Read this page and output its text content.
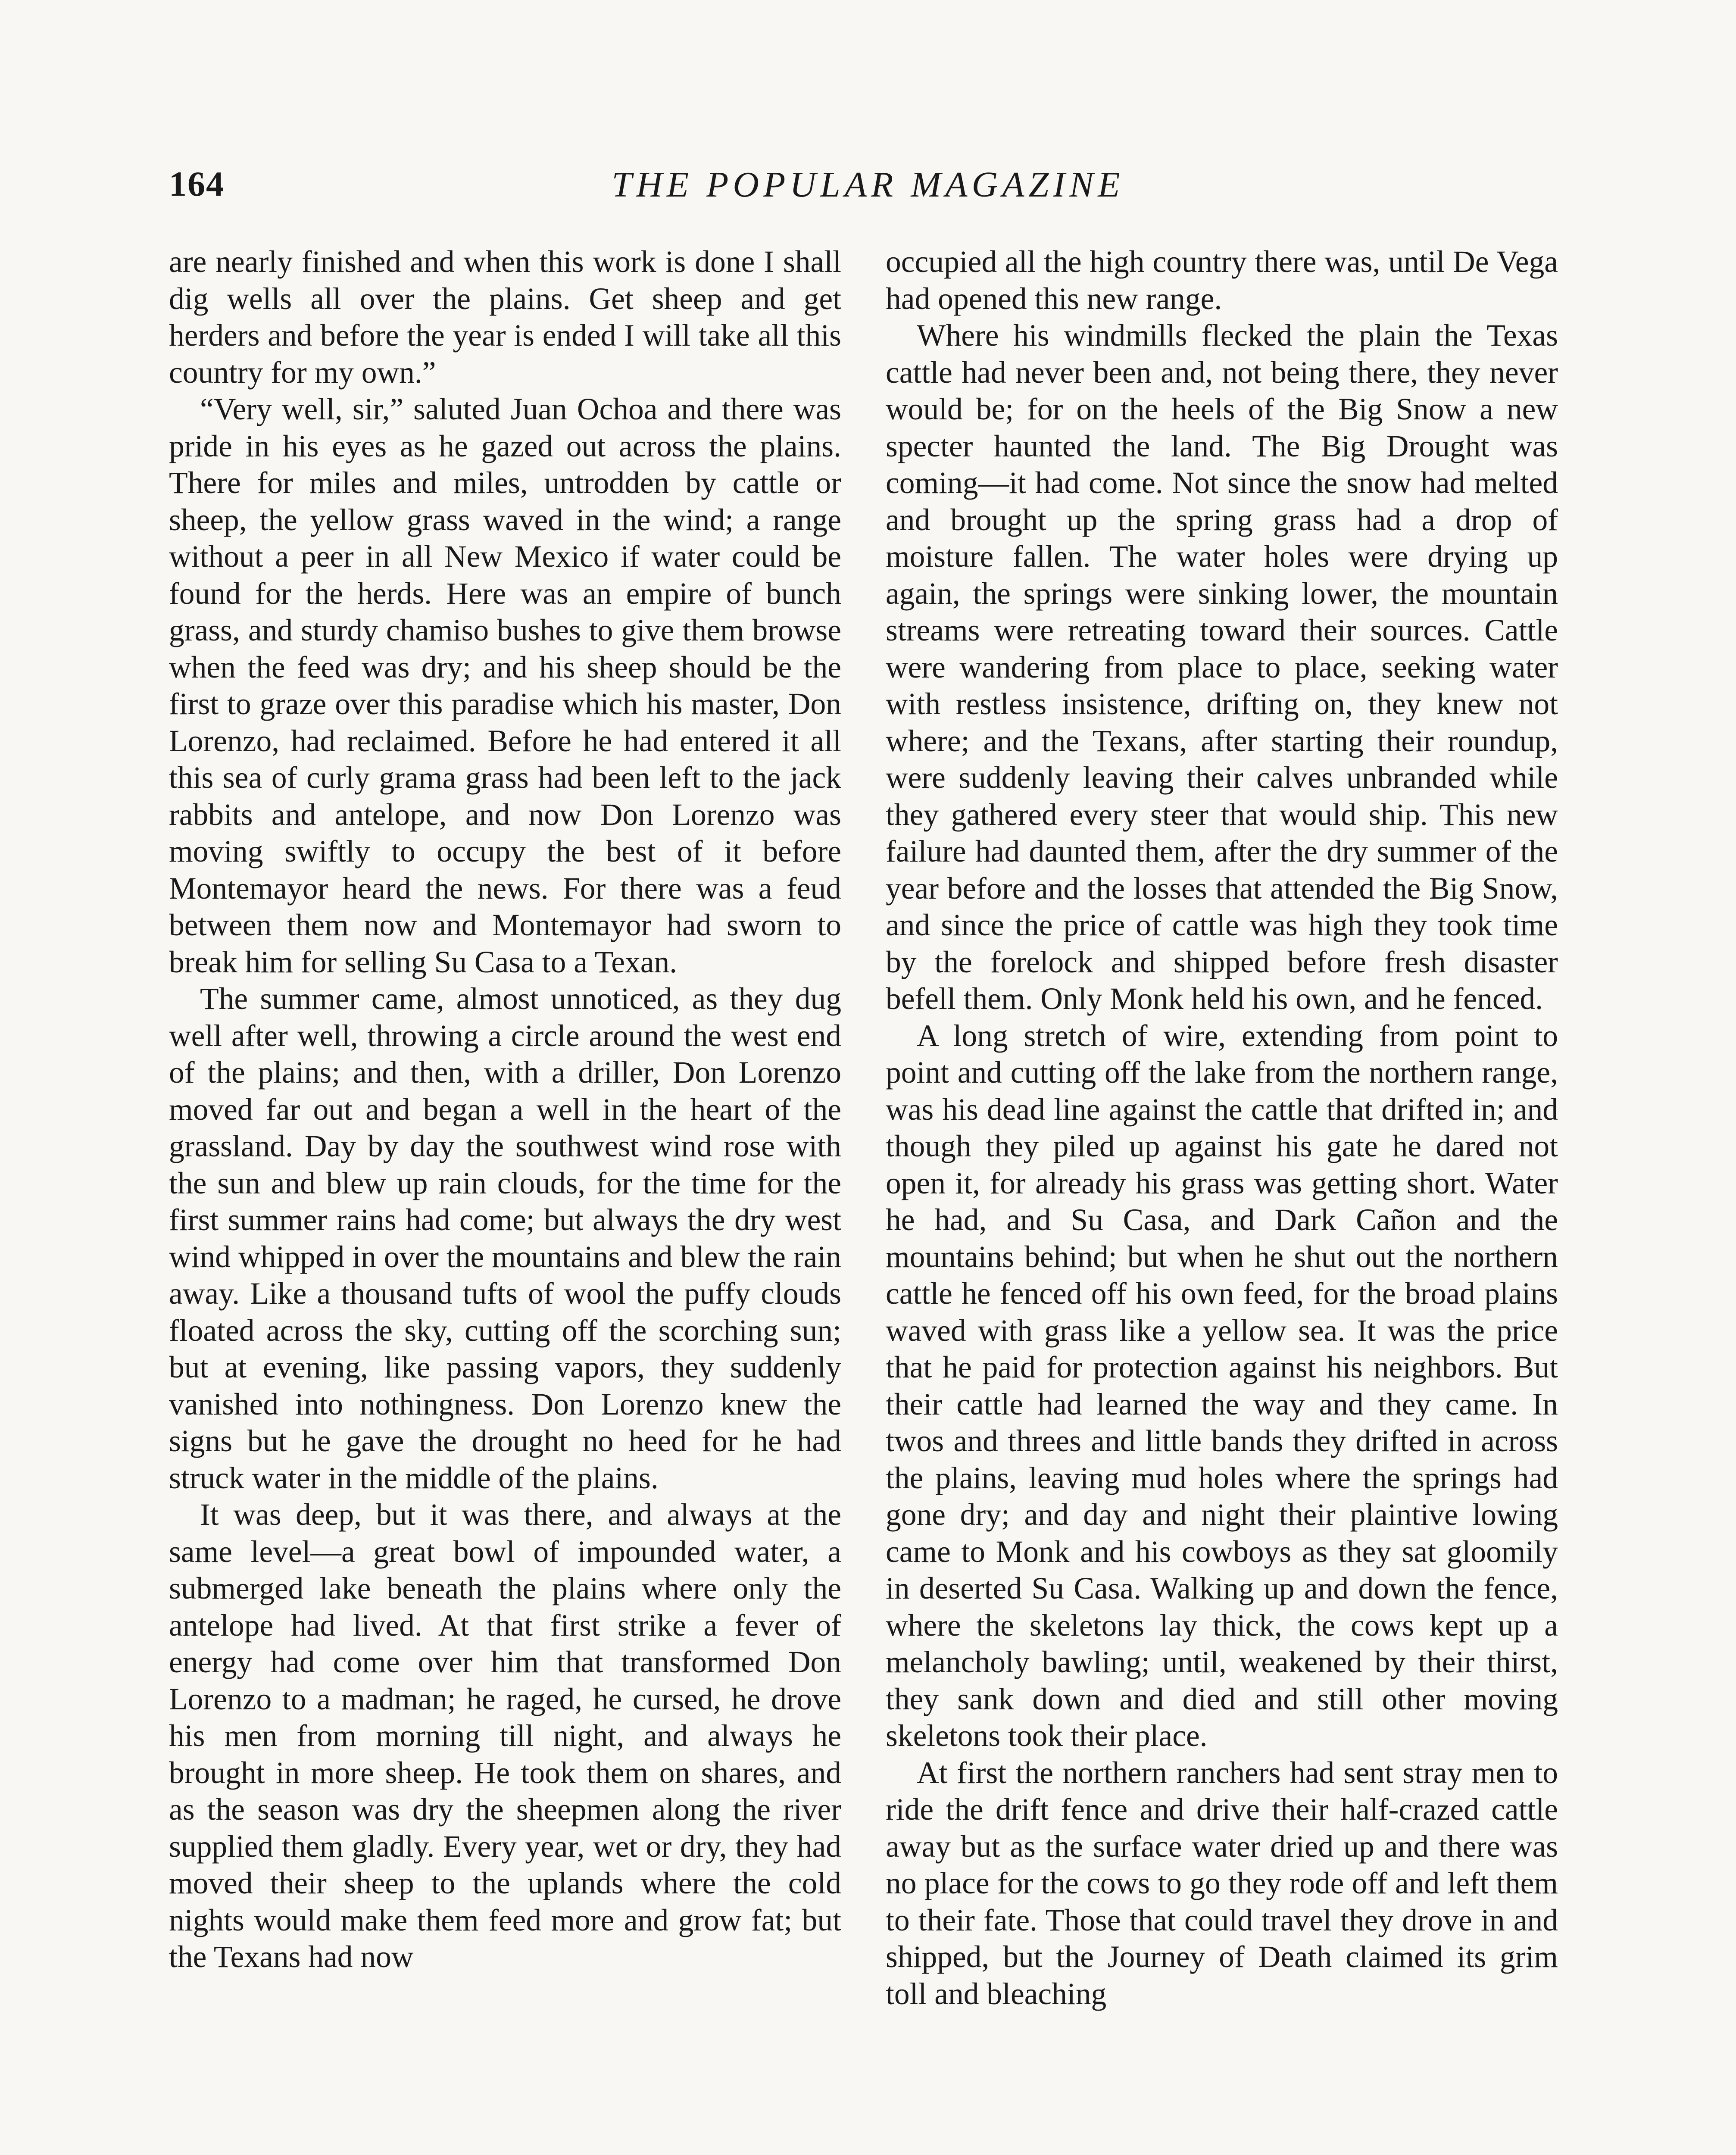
164	THE POPULAR MAGAZINE

are nearly finished and when this work is done I shall dig wells all over the plains. Get sheep and get herders and before the year is ended I will take all this country for my own.”

“Very well, sir,” saluted Juan Ochoa and there was pride in his eyes as he gazed out across the plains. There for miles and miles, untrodden by cattle or sheep, the yellow grass waved in the wind; a range without a peer in all New Mexico if water could be found for the herds. Here was an empire of bunch grass, and sturdy chamiso bushes to give them browse when the feed was dry; and his sheep should be the first to graze over this paradise which his master, Don Lorenzo, had reclaimed. Before he had entered it all this sea of curly grama grass had been left to the jack rabbits and antelope, and now Don Lorenzo was moving swiftly to occupy the best of it before Montemayor heard the news. For there was a feud between them now and Montemayor had sworn to break him for selling Su Casa to a Texan.

The summer came, almost unnoticed, as they dug well after well, throwing a circle around the west end of the plains; and then, with a driller, Don Lorenzo moved far out and began a well in the heart of the grassland. Day by day the southwest wind rose with the sun and blew up rain clouds, for the time for the first summer rains had come; but always the dry west wind whipped in over the mountains and blew the rain away. Like a thousand tufts of wool the puffy clouds floated across the sky, cutting off the scorching sun; but at evening, like passing vapors, they suddenly vanished into nothingness. Don Lorenzo knew the signs but he gave the drought no heed for he had struck water in the middle of the plains.

It was deep, but it was there, and always at the same level—a great bowl of impounded water, a submerged lake beneath the plains where only the antelope had lived. At that first strike a fever of energy had come over him that transformed Don Lorenzo to a madman; he raged, he cursed, he drove his men from morning till night, and always he brought in more sheep. He took them on shares, and as the season was dry the sheepmen along the river supplied them gladly. Every year, wet or dry, they had moved their sheep to the uplands where the cold nights would make them feed more and grow fat; but the Texans had now

occupied all the high country there was, until De Vega had opened this new range.

Where his windmills flecked the plain the Texas cattle had never been and, not being there, they never would be; for on the heels of the Big Snow a new specter haunted the land. The Big Drought was coming—it had come. Not since the snow had melted and brought up the spring grass had a drop of moisture fallen. The water holes were drying up again, the springs were sinking lower, the mountain streams were retreating toward their sources. Cattle were wandering from place to place, seeking water with restless insistence, drifting on, they knew not where; and the Texans, after starting their roundup, were suddenly leaving their calves unbranded while they gathered every steer that would ship. This new failure had daunted them, after the dry summer of the year before and the losses that attended the Big Snow, and since the price of cattle was high they took time by the forelock and shipped before fresh disaster befell them. Only Monk held his own, and he fenced.

A long stretch of wire, extending from point to point and cutting off the lake from the northern range, was his dead line against the cattle that drifted in; and though they piled up against his gate he dared not open it, for already his grass was getting short. Water he had, and Su Casa, and Dark Cañon and the mountains behind; but when he shut out the northern cattle he fenced off his own feed, for the broad plains waved with grass like a yellow sea. It was the price that he paid for protection against his neighbors. But their cattle had learned the way and they came. In twos and threes and little bands they drifted in across the plains, leaving mud holes where the springs had gone dry; and day and night their plaintive lowing came to Monk and his cowboys as they sat gloomily in deserted Su Casa. Walking up and down the fence, where the skeletons lay thick, the cows kept up a melancholy bawling; until, weakened by their thirst, they sank down and died and still other moving skeletons took their place.

At first the northern ranchers had sent stray men to ride the drift fence and drive their half-crazed cattle away but as the surface water dried up and there was no place for the cows to go they rode off and left them to their fate. Those that could travel they drove in and shipped, but the Journey of Death claimed its grim toll and bleaching
